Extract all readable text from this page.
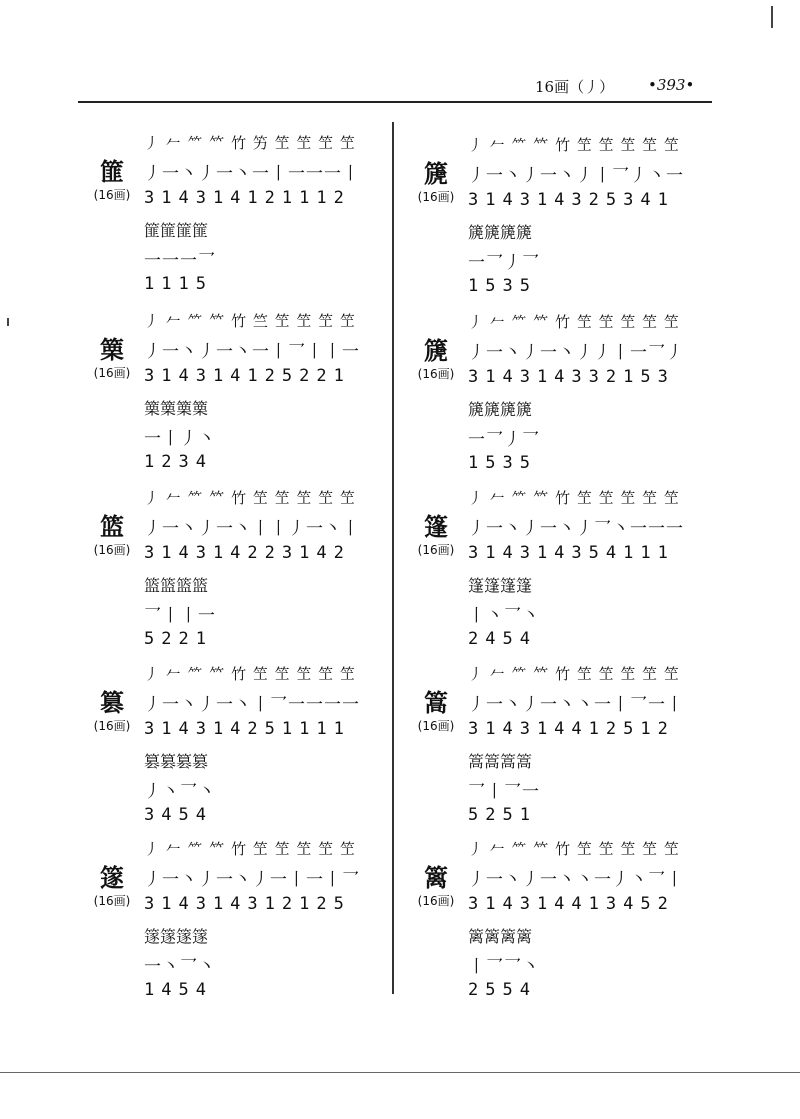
16画（丿） •393•
篚
(16画)
丿 𠂉 ⺮ 𥫗 竹 竻 笁 笁 笁 笁
丿一丶丿一丶一丨一一一丨
314314121112
篚篚篚篚
一一一乛
1115
篥
(16画)
丿 𠂉 ⺮ 𥫗 竹 竺 笁 笁 笁 笁
丿一丶丿一丶一丨乛丨丨一
314314125221
篥篥篥篥
一丨丿丶
1234
篮
(16画)
丿 𠂉 ⺮ 𥫗 竹 笁 笁 笁 笁 笁
丿一丶丿一丶丨丨丿一丶丨
314314223142
篮篮篮篮
乛丨丨一
5221
篡
(16画)
丿 𠂉 ⺮ 𥫗 竹 笁 笁 笁 笁 笁
丿一丶丿一丶丨乛一一一一
314314251111
篡篡篡篡
丿丶乛丶
3454
篴
(16画)
丿 𠂉 ⺮ 𥫗 竹 笁 笁 笁 笁 笁
丿一丶丿一丶丿一丨一丨乛
314314312125
篴篴篴篴
一丶乛丶
1454
篪
(16画)
丿 𠂉 ⺮ 𥫗 竹 笁 笁 笁 笁 笁
丿一丶丿一丶丿丨乛丿丶一
314314325341
篪篪篪篪
一乛丿乛
1535
篪
(16画)
丿 𠂉 ⺮ 𥫗 竹 笁 笁 笁 笁 笁
丿一丶丿一丶丿丿丨一乛丿
314314332153
篪篪篪篪
一乛丿乛
1535
篷
(16画)
丿 𠂉 ⺮ 𥫗 竹 笁 笁 笁 笁 笁
丿一丶丿一丶丿乛丶一一一
314314354111
篷篷篷篷
丨丶乛丶
2454
篙
(16画)
丿 𠂉 ⺮ 𥫗 竹 笁 笁 笁 笁 笁
丿一丶丿一丶丶一丨乛一丨
314314412512
篙篙篙篙
乛丨乛一
5251
篱
(16画)
丿 𠂉 ⺮ 𥫗 竹 笁 笁 笁 笁 笁
丿一丶丿一丶丶一丿丶乛丨
314314413452
篱篱篱篱
丨乛乛丶
2554
